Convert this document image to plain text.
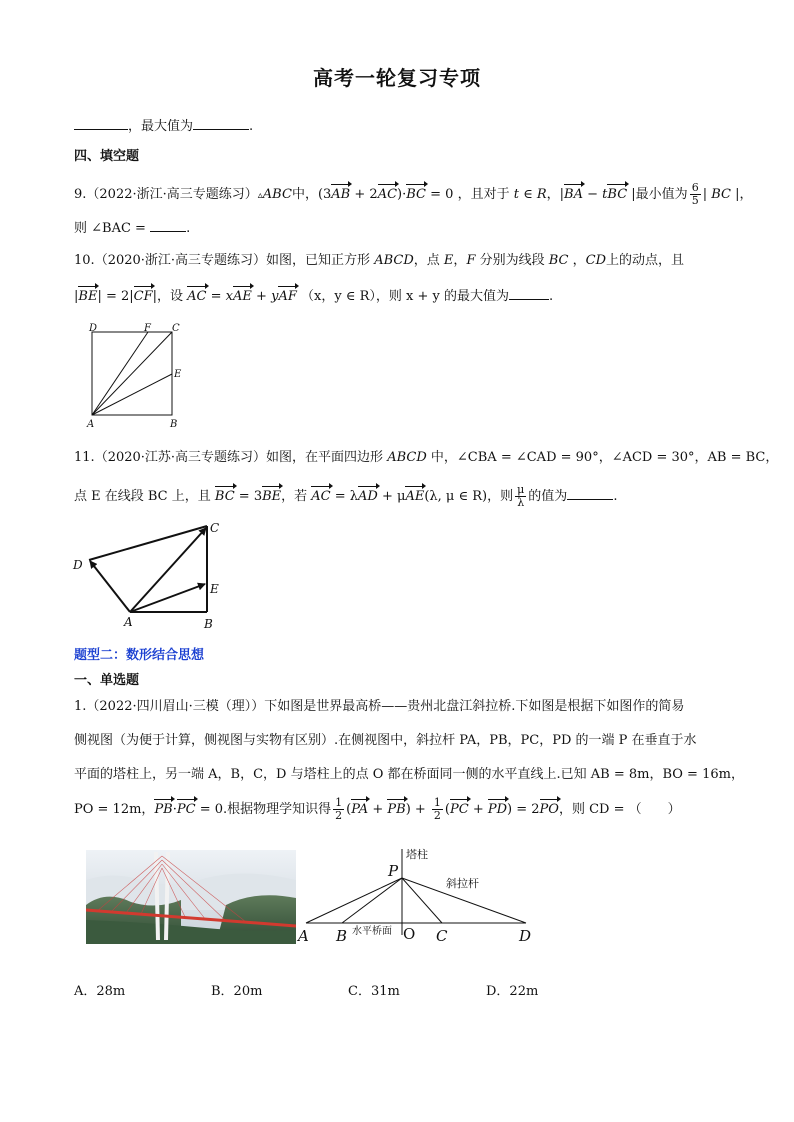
高考一轮复习专项
，最大值为	.
四、填空题
9.（2022·浙江·高三专题练习）▵ABC中，(3AB + 2AC)·BC = 0 ，且对于 t ∈ R，|BA − tBC |最小值为 $\frac{6}{5}$ | BC |，
则 ∠BAC =	.
10.（2020·浙江·高三专题练习）如图，已知正方形 ABCD，点 E，F 分别为线段 BC ，CD上的动点，且
|BE| = 2|CF|，设 AC = xAE + yAF （x，y ∈ R），则 x + y 的最大值为	.
D	F C
E
A	B
11.（2020·江苏·高三专题练习）如图，在平面四边形 ABCD 中，∠CBA = ∠CAD = 90°，∠ACD = 30°，AB = BC，
点 E 在线段 BC 上，且 BC = 3BE，若 AC = λAD + μAE(λ, μ ∈ R)，则 $\frac{\mu}{\lambda}$ 的值为	.
C
D
E
A	B
题型二：数形结合思想
一、单选题
1.（2022·四川眉山·三模（理））下如图是世界最高桥——贵州北盘江斜拉桥.下如图是根据下如图作的简易
侧视图（为便于计算，侧视图与实物有区别）.在侧视图中，斜拉杆 PA，PB，PC，PD 的一端 P 在垂直于水
平面的塔柱上，另一端 A，B，C，D 与塔柱上的点 O 都在桥面同一侧的水平直线上.已知 AB = 8m，BO = 16m，
PO = 12m，PB·PC = 0.根据物理学知识得 $\frac{1}{2} (PA + PB) + \frac{1}{2} (PC + PD) = 2PO$，则 CD = （　　）
塔柱
斜拉杆
水平桥面
P
A B	O C	D
A．28m	B．20m	C．31m	D．22m
